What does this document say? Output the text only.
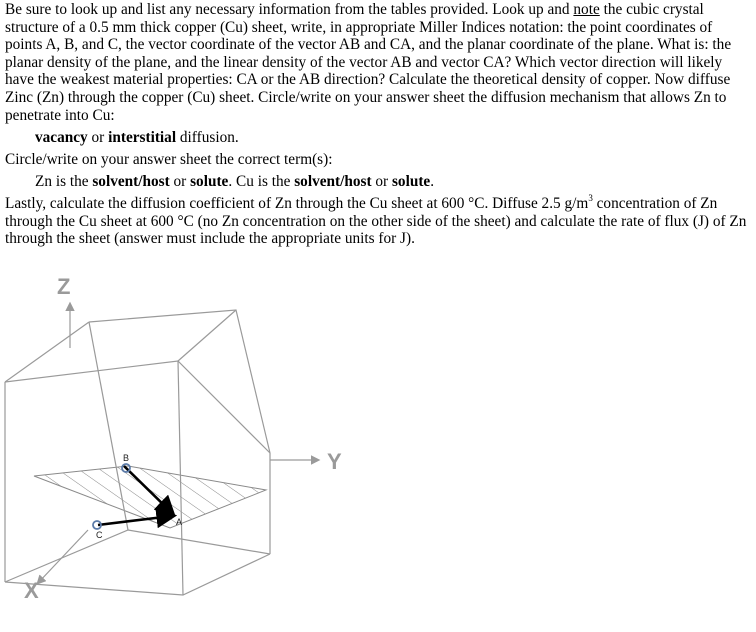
Be sure to look up and list any necessary information from the tables provided. Look up and note the cubic crystal structure of a 0.5 mm thick copper (Cu) sheet, write, in appropriate Miller Indices notation: the point coordinates of points A, B, and C, the vector coordinate of the vector AB and CA, and the planar coordinate of the plane. What is: the planar density of the plane, and the linear density of the vector AB and vector CA? Which vector direction will likely have the weakest material properties: CA or the AB direction? Calculate the theoretical density of copper. Now diffuse Zinc (Zn) through the copper (Cu) sheet. Circle/write on your answer sheet the diffusion mechanism that allows Zn to penetrate into Cu:

vacancy or interstitial diffusion.

Circle/write on your answer sheet the correct term(s):

Zn is the solvent/host or solute. Cu is the solvent/host or solute.

Lastly, calculate the diffusion coefficient of Zn through the Cu sheet at 600 °C. Diffuse 2.5 $g/m^3$ concentration of Zn through the Cu sheet at 600 °C (no Zn concentration on the other side of the sheet) and calculate the rate of flux (J) of Zn through the sheet (answer must include the appropriate units for J).

Z
Y
X
B
A
C
